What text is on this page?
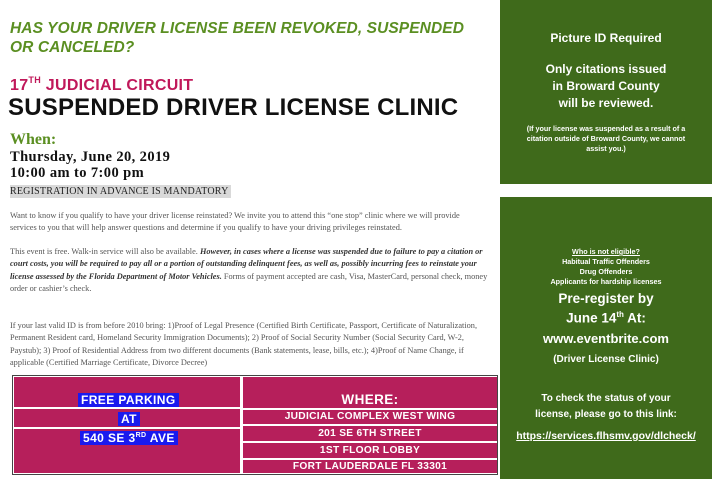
HAS YOUR DRIVER LICENSE BEEN REVOKED, SUSPENDED OR CANCELED?
17TH JUDICIAL CIRCUIT
SUSPENDED DRIVER LICENSE CLINIC
When:
Thursday, June 20, 2019
10:00 am to 7:00 pm
REGISTRATION IN ADVANCE IS MANDATORY
Want to know if you qualify to have your driver license reinstated? We invite you to attend this “one stop” clinic where we will provide services to you that will help answer questions and determine if you qualify to have your driving privileges reinstated.
This event is free. Walk-in service will also be available. However, in cases where a license was suspended due to failure to pay a citation or court costs, you will be required to pay all or a portion of outstanding delinquent fees, as well as, possibly incurring fees to reinstate your license assessed by the Florida Department of Motor Vehicles. Forms of payment accepted are cash, Visa, MasterCard, personal check, money order or cashier’s check.
If your last valid ID is from before 2010 bring: 1)Proof of Legal Presence (Certified Birth Certificate, Passport, Certificate of Naturalization, Permanent Resident card, Homeland Security Immigration Documents); 2) Proof of Social Security Number (Social Security Card, W-2, Paystub); 3) Proof of Residential Address from two different documents (Bank statements, lease, bills, etc.); 4)Proof of Name Change, if applicable (Certified Marriage Certificate, Divorce Decree)
FREE PARKING
AT
540 SE 3RD AVE
WHERE:
JUDICIAL COMPLEX WEST WING
201 SE 6TH STREET
1ST FLOOR LOBBY
FORT LAUDERDALE FL 33301
Picture ID Required
Only citations issued
in Broward County
will be reviewed.
(If your license was suspended as a result of a
citation outside of Broward County, we cannot
assist you.)
Who is not eligible?
Habitual Traffic Offenders
Drug Offenders
Applicants for hardship licenses
Pre-register by
June 14th At:
www.eventbrite.com
(Driver License Clinic)
To check the status of your
license, please go to this link:
https://services.flhsmv.gov/dlcheck/
